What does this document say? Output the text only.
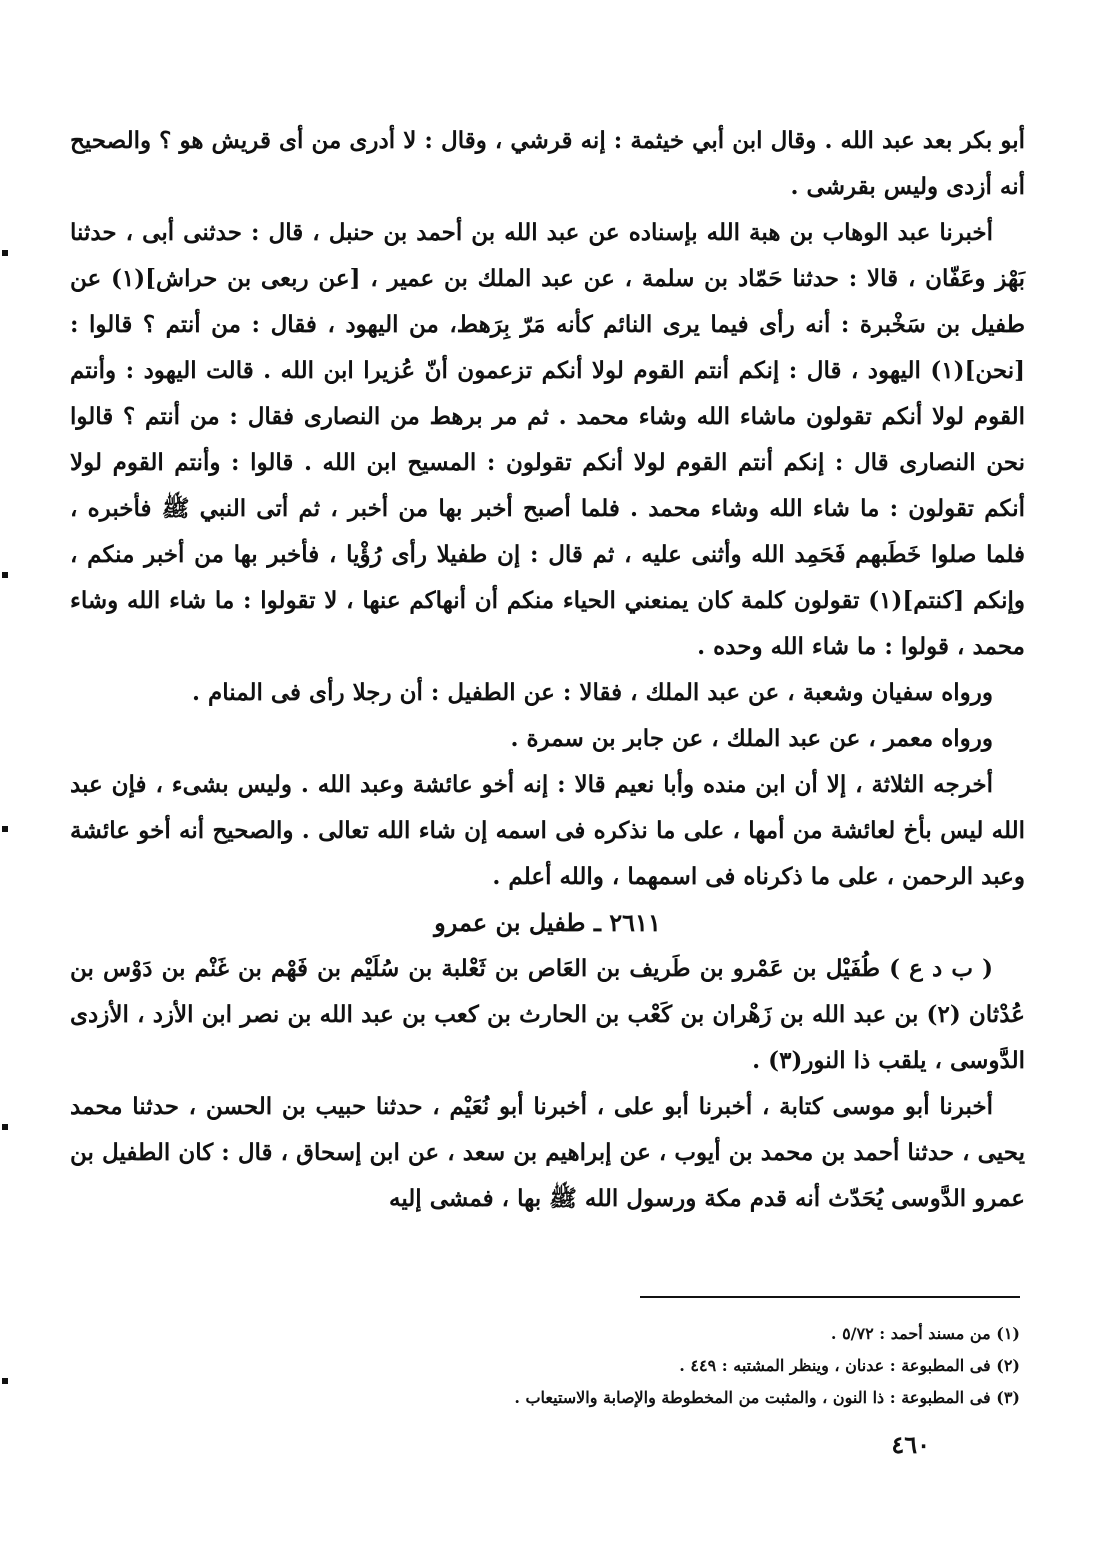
أبو بكر بعد عبد الله . وقال ابن أبي خيثمة : إنه قرشي ، وقال : لا أدرى من أى قريش هو ؟ والصحيح أنه أزدى وليس بقرشى .

أخبرنا عبد الوهاب بن هبة الله بإسناده عن عبد الله بن أحمد بن حنبل ، قال : حدثنى أبى ، حدثنا بَهْز وعَفّان ، قالا : حدثنا حَمّاد بن سلمة ، عن عبد الملك بن عمير ، [عن ربعى بن حراش](١) عن طفيل بن سَخْبرة : أنه رأى فيما يرى النائم كأنه مَرّ بِرَهط، من اليهود ، فقال : من أنتم ؟ قالوا : [نحن](١) اليهود ، قال : إنكم أنتم القوم لولا أنكم تزعمون أنّ عُزيرا ابن الله . قالت اليهود : وأنتم القوم لولا أنكم تقولون ماشاء الله وشاء محمد . ثم مر برهط من النصارى فقال : من أنتم ؟ قالوا نحن النصارى قال : إنكم أنتم القوم لولا أنكم تقولون : المسيح ابن الله . قالوا : وأنتم القوم لولا أنكم تقولون : ما شاء الله وشاء محمد . فلما أصبح أخبر بها من أخبر ، ثم أتى النبي ﷺ فأخبره ، فلما صلوا خَطَبهم فَحَمِد الله وأثنى عليه ، ثم قال : إن طفيلا رأى رُؤْيا ، فأخبر بها من أخبر منكم ، وإنكم [كنتم](١) تقولون كلمة كان يمنعني الحياء منكم أن أنهاكم عنها ، لا تقولوا : ما شاء الله وشاء محمد ، قولوا : ما شاء الله وحده .

ورواه سفيان وشعبة ، عن عبد الملك ، فقالا : عن الطفيل : أن رجلا رأى فى المنام .

ورواه معمر ، عن عبد الملك ، عن جابر بن سمرة .

أخرجه الثلاثة ، إلا أن ابن منده وأبا نعيم قالا : إنه أخو عائشة وعبد الله . وليس بشىء ، فإن عبد الله ليس بأخ لعائشة من أمها ، على ما نذكره فى اسمه إن شاء الله تعالى . والصحيح أنه أخو عائشة وعبد الرحمن ، على ما ذكرناه فى اسمهما ، والله أعلم .

٢٦١١ ـ طفيل بن عمرو

( ب د ع ) طُفَيْل بن عَمْرو بن طَريف بن العَاص بن ثَعْلبة بن سُلَيْم بن فَهْم بن غَنْم بن دَوْس بن عُدْثان (٢) بن عبد الله بن زَهْران بن كَعْب بن الحارث بن كعب بن عبد الله بن نصر ابن الأزد ، الأزدى الدَّوسى ، يلقب ذا النور(٣) .

أخبرنا أبو موسى كتابة ، أخبرنا أبو على ، أخبرنا أبو نُعَيْم ، حدثنا حبيب بن الحسن ، حدثنا محمد يحيى ، حدثنا أحمد بن محمد بن أيوب ، عن إبراهيم بن سعد ، عن ابن إسحاق ، قال : كان الطفيل بن عمرو الدَّوسى يُحَدّث أنه قدم مكة ورسول الله ﷺ بها ، فمشى إليه

(١) من مسند أحمد : ٥/٧٢ .

(٢) فى المطبوعة : عدنان ، وينظر المشتبه : ٤٤٩ .

(٣) فى المطبوعة : ذا النون ، والمثبت من المخطوطة والإصابة والاستيعاب .

٤٦٠
